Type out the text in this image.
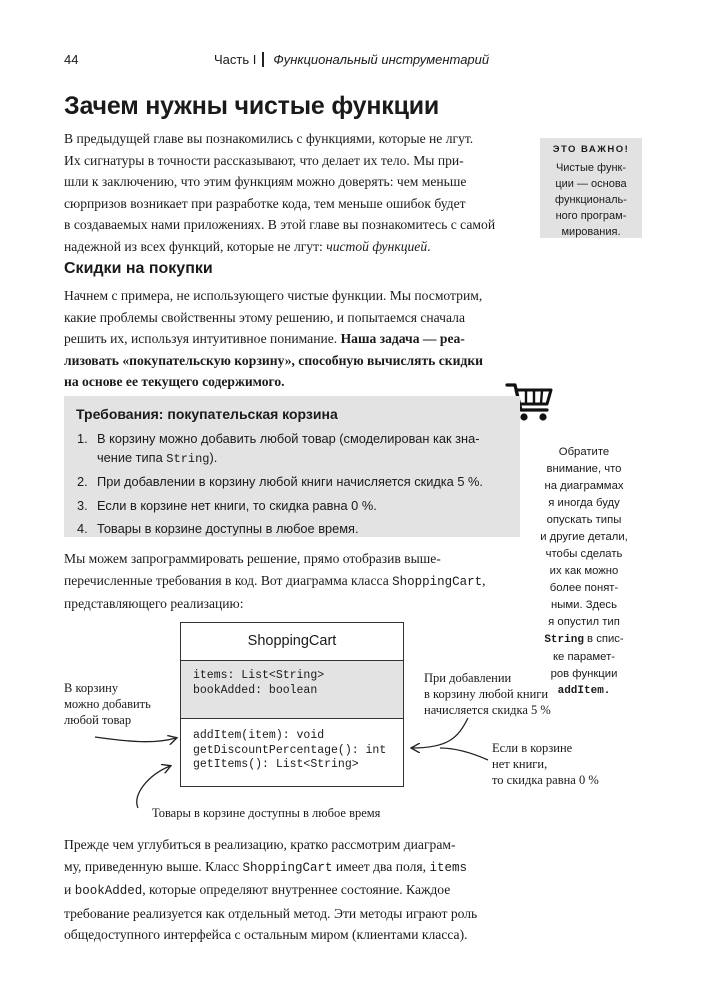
44	Часть I Функциональный инструментарий
Зачем нужны чистые функции
В предыдущей главе вы познакомились с функциями, которые не лгут.
Их сигнатуры в точности рассказывают, что делает их тело. Мы при-
шли к заключению, что этим функциям можно доверять: чем меньше
сюрпризов возникает при разработке кода, тем меньше ошибок будет
в создаваемых нами приложениях. В этой главе вы познакомитесь с самой
надежной из всех функций, которые не лгут: чистой функцией.
ЭТО ВАЖНО!
Чистые функ-
ции — основа
функциональ-
ного програм-
мирования.
Скидки на покупки
Начнем с примера, не использующего чистые функции. Мы посмотрим,
какие проблемы свойственны этому решению, и попытаемся сначала
решить их, используя интуитивное понимание. Наша задача — реа-
лизовать «покупательскую корзину», способную вычислять скидки
на основе ее текущего содержимого.
Требования: покупательская корзина
1. В корзину можно добавить любой товар (смоделирован как зна-
чение типа String).
2. При добавлении в корзину любой книги начисляется скидка 5 %.
3. Если в корзине нет книги, то скидка равна 0 %.
4. Товары в корзине доступны в любое время.
Обратите
внимание, что
на диаграммах
я иногда буду
опускать типы
и другие детали,
чтобы сделать
их как можно
более понят-
ными. Здесь
я опустил тип
String в спис-
ке парамет-
ров функции
addItem.
Мы можем запрограммировать решение, прямо отобразив выше-
перечисленные требования в код. Вот диаграмма класса ShoppingCart,
представляющего реализацию:
ShoppingCart
items: List<String>
bookAdded: boolean
addItem(item): void
getDiscountPercentage(): int
getItems(): List<String>
В корзину
можно добавить
любой товар
При добавлении
в корзину любой книги
начисляется скидка 5 %
Если в корзине
нет книги,
то скидка равна 0 %
Товары в корзине доступны в любое время
Прежде чем углубиться в реализацию, кратко рассмотрим диаграм-
му, приведенную выше. Класс ShoppingCart имеет два поля, items
и bookAdded, которые определяют внутреннее состояние. Каждое
требование реализуется как отдельный метод. Эти методы играют роль
общедоступного интерфейса с остальным миром (клиентами класса).
